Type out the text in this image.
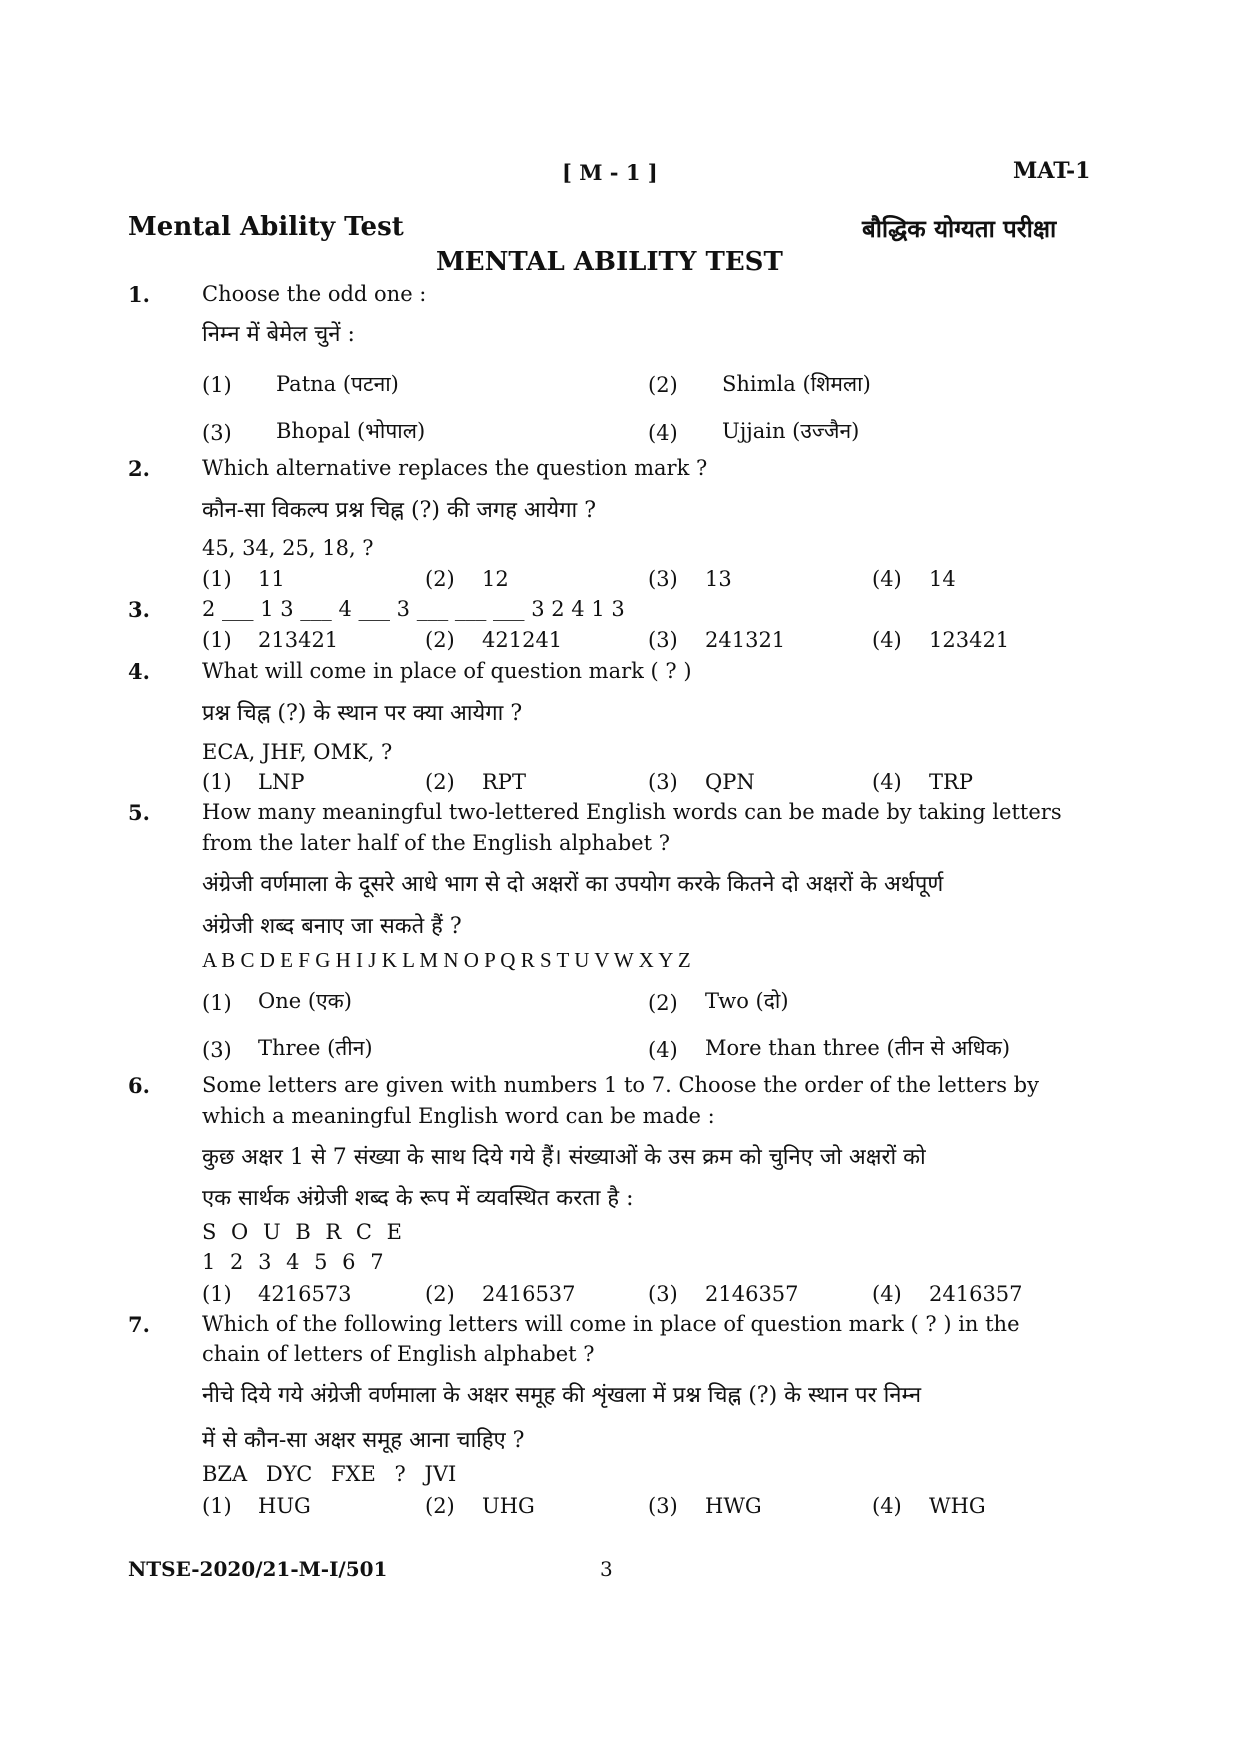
[ M - 1 ]	MAT-1
Mental Ability Test	बौद्धिक योग्यता परीक्षा
MENTAL ABILITY TEST
1. Choose the odd one :
निम्न में बेमेल चुनें :
(1) Patna (पटना)	(2) Shimla (शिमला)
(3) Bhopal (भोपाल)	(4) Ujjain (उज्जैन)
2. Which alternative replaces the question mark ?
कौन-सा विकल्प प्रश्न चिह्न (?) की जगह आयेगा ?
45, 34, 25, 18, ?
(1) 11	(2) 12	(3) 13	(4) 14
3. 2 ___ 1 3 ___ 4 ___ 3 ___ ___ ___ 3 2 4 1 3
(1) 213421	(2) 421241	(3) 241321	(4) 123421
4. What will come in place of question mark ( ? )
प्रश्न चिह्न (?) के स्थान पर क्या आयेगा ?
ECA, JHF, OMK, ?
(1) LNP	(2) RPT	(3) QPN	(4) TRP
5. How many meaningful two-lettered English words can be made by taking letters
from the later half of the English alphabet ?
अंग्रेजी वर्णमाला के दूसरे आधे भाग से दो अक्षरों का उपयोग करके कितने दो अक्षरों के अर्थपूर्ण
अंग्रेजी शब्द बनाए जा सकते हैं ?
A B C D E F G H I J K L M N O P Q R S T U V W X Y Z
(1) One (एक)	(2) Two (दो)
(3) Three (तीन)	(4) More than three (तीन से अधिक)
6. Some letters are given with numbers 1 to 7. Choose the order of the letters by
which a meaningful English word can be made :
कुछ अक्षर 1 से 7 संख्या के साथ दिये गये हैं। संख्याओं के उस क्रम को चुनिए जो अक्षरों को
एक सार्थक अंग्रेजी शब्द के रूप में व्यवस्थित करता है :
S O U B R C E
1 2 3 4 5 6 7
(1) 4216573	(2) 2416537	(3) 2146357	(4) 2416357
7. Which of the following letters will come in place of question mark ( ? ) in the
chain of letters of English alphabet ?
नीचे दिये गये अंग्रेजी वर्णमाला के अक्षर समूह की शृंखला में प्रश्न चिह्न (?) के स्थान पर निम्न
में से कौन-सा अक्षर समूह आना चाहिए ?
BZA DYC FXE ? JVI
(1) HUG	(2) UHG	(3) HWG	(4) WHG
NTSE-2020/21-M-I/501	3
